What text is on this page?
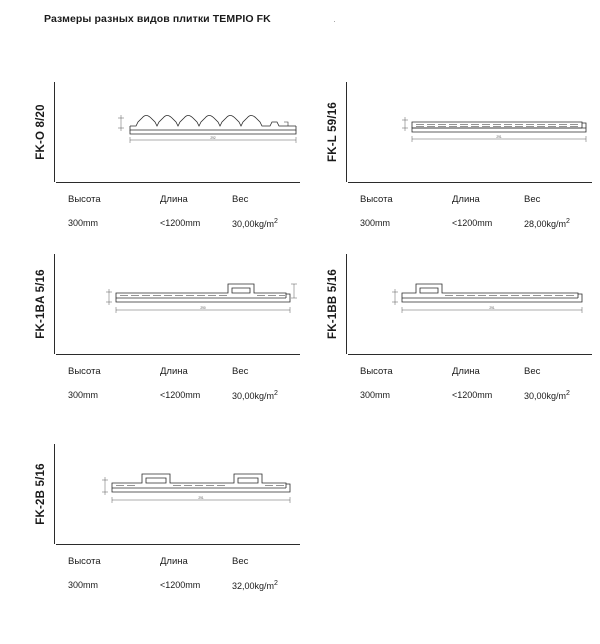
Размеры разных видов плитки TEMPIO FK	·
FK-O 8/20	292
Высота	Длина	Вес
300mm	<1200mm	$30,00kg/m^2$
FK-L 59/16	291
Высота	Длина	Вес
300mm	<1200mm	$28,00kg/m^2$
FK-1BA 5/16	290
Высота	Длина	Вес
300mm	<1200mm	$30,00kg/m^2$
FK-1BB 5/16	291
Высота	Длина	Вес
300mm	<1200mm	$30,00kg/m^2$
FK-2B 5/16	291
Высота	Длина	Вес
300mm	<1200mm	$32,00kg/m^2$
